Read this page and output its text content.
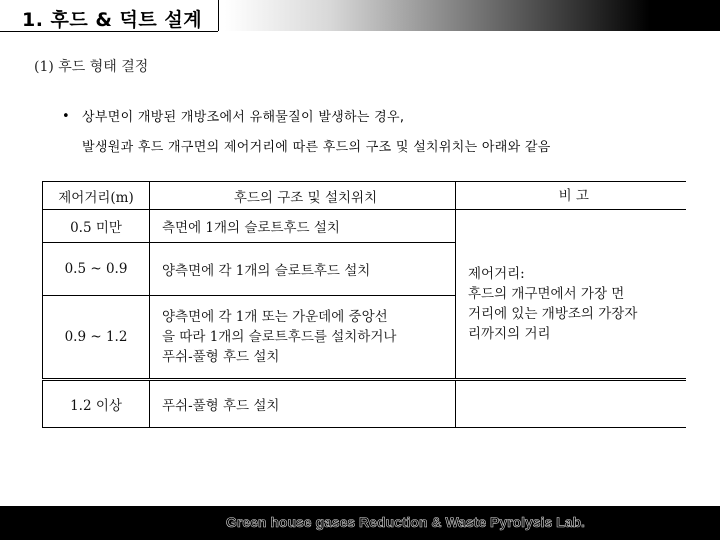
1. 후드 & 덕트 설계
(1) 후드 형태 결정
• 상부면이 개방된 개방조에서 유해물질이 발생하는 경우,
발생원과 후드 개구면의 제어거리에 따른 후드의 구조 및 설치위치는 아래와 같음
제어거리(m)	후드의 구조 및 설치위치	비 고
0.5 미만	측면에 1개의 슬로트후드 설치	제어거리:
후드의 개구면에서 가장 먼
거리에 있는 개방조의 가장자
리까지의 거리

0.5 ~ 0.9	양측면에 각 1개의 슬로트후드 설치	
0.9 ~ 1.2	양측면에 각 1개 또는 가운데에 중앙선
을 따라 1개의 슬로트후드를 설치하거나
푸쉬-풀형 후드 설치	

1.2 이상	푸쉬-풀형 후드 설치	
Green house gases Reduction & Waste Pyrolysis Lab.
